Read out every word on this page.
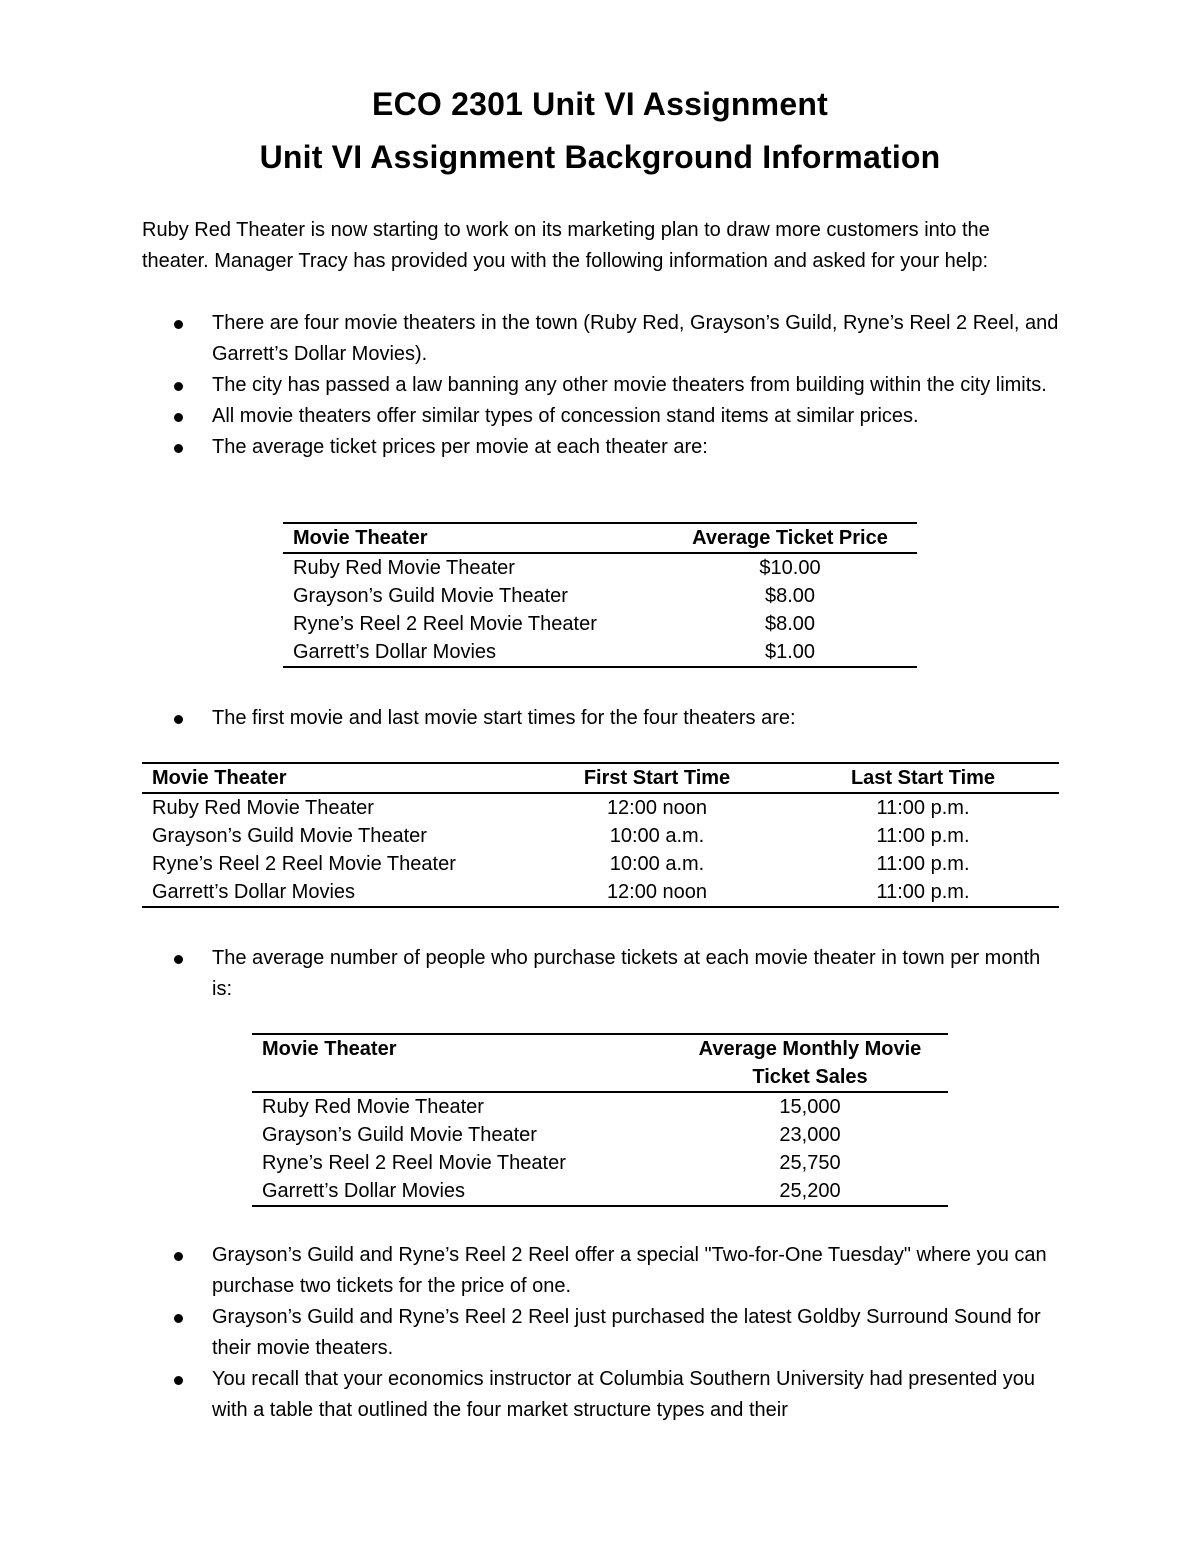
ECO 2301 Unit VI Assignment
Unit VI Assignment Background Information
Ruby Red Theater is now starting to work on its marketing plan to draw more customers into the theater. Manager Tracy has provided you with the following information and asked for your help:
There are four movie theaters in the town (Ruby Red, Grayson’s Guild, Ryne’s Reel 2 Reel, and Garrett’s Dollar Movies).
The city has passed a law banning any other movie theaters from building within the city limits.
All movie theaters offer similar types of concession stand items at similar prices.
The average ticket prices per movie at each theater are:
Movie Theater	Average Ticket Price
Ruby Red Movie Theater	$10.00
Grayson’s Guild Movie Theater	$8.00
Ryne’s Reel 2 Reel Movie Theater	$8.00
Garrett’s Dollar Movies	$1.00
The first movie and last movie start times for the four theaters are:
Movie Theater	First Start Time	Last Start Time
Ruby Red Movie Theater	12:00 noon	11:00 p.m.
Grayson’s Guild Movie Theater	10:00 a.m.	11:00 p.m.
Ryne’s Reel 2 Reel Movie Theater	10:00 a.m.	11:00 p.m.
Garrett’s Dollar Movies	12:00 noon	11:00 p.m.
The average number of people who purchase tickets at each movie theater in town per month is:
Movie Theater	Average Monthly Movie Ticket Sales
Ruby Red Movie Theater	15,000
Grayson’s Guild Movie Theater	23,000
Ryne’s Reel 2 Reel Movie Theater	25,750
Garrett’s Dollar Movies	25,200
Grayson’s Guild and Ryne’s Reel 2 Reel offer a special "Two-for-One Tuesday" where you can purchase two tickets for the price of one.
Grayson’s Guild and Ryne’s Reel 2 Reel just purchased the latest Goldby Surround Sound for their movie theaters.
You recall that your economics instructor at Columbia Southern University had presented you with a table that outlined the four market structure types and their
